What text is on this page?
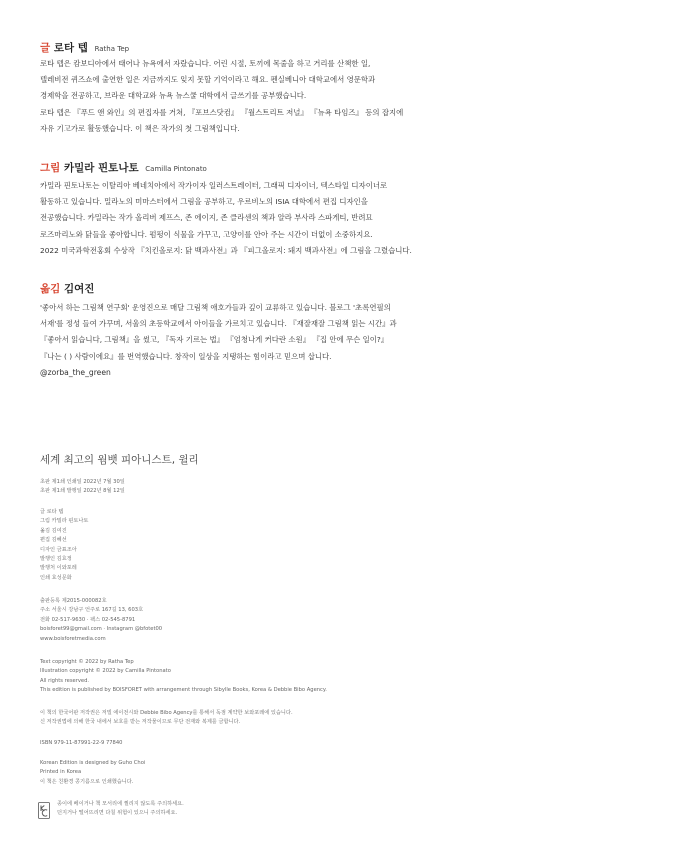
글 로타 텝 Ratha Tep
로타 텝은 캄보디아에서 태어나 뉴욕에서 자랐습니다. 어린 시절, 토끼에 목줄을 하고 거리를 산책한 일,
텔레비전 퀴즈쇼에 출연한 일은 지금까지도 잊지 못할 기억이라고 해요. 펜실베니아 대학교에서 영문학과
경제학을 전공하고, 브라운 대학교와 뉴욕 뉴스쿨 대학에서 글쓰기를 공부했습니다.
로타 텝은 『푸드 앤 와인』의 편집자를 거쳐, 『포브스닷컴』 『월스트리트 저널』 『뉴욕 타임즈』 등의 잡지에
자유 기고가로 활동했습니다. 이 책은 작가의 첫 그림책입니다.
그림 카밀라 핀토나토 Camilla Pintonato
카밀라 핀토나토는 이탈리아 베네치아에서 작가이자 일러스트레이터, 그래픽 디자이너, 텍스타일 디자이너로
활동하고 있습니다. 밀라노의 미마스터에서 그림을 공부하고, 우르비노의 ISIA 대학에서 편집 디자인을
전공했습니다. 카밀라는 작가 올리버 제프스, 존 에이지, 존 클라센의 책과 알라 부사라 스파게티, 반려묘
로즈마리노와 닭들을 좋아합니다. 펌펑이 식물을 가꾸고, 고양이를 안아 주는 시간이 더없이 소중하지요.
2022 미국과학전홍회 수상작 『치킨올로지: 닭 백과사전』과 『피그올로지: 돼지 백과사전』에 그림을 그렸습니다.
옮김 김여진
'좋아서 하는 그림책 연구회' 운영진으로 매달 그림책 애호가들과 깊이 교류하고 있습니다. 블로그 '초록연필의
서재'를 정성 들여 가꾸며, 서울의 초등학교에서 아이들을 가르치고 있습니다. 『재잘재잘 그림책 읽는 시간』과
『좋아서 읽습니다, 그림책』을 썼고, 『독자 기르는 법』 『엄청나게 커다란 소원』 『집 안에 무슨 일이?』
『나는 ( ) 사람이에요』를 번역했습니다. 창작이 일상을 지탱하는 힘이라고 믿으며 삽니다.
@zorba_the_green
세계 최고의 웜뱃 피아니스트, 윌리
초판 제1쇄 인쇄일 2022년 7월 30일
초판 제1쇄 발행일 2022년 8월 12일
글 로타 텝
그림 카밀라 핀토나토
옮김 김여진
편집 김혜선
디자인 금표조아
발행인 김효정
발행처 이와포레
인쇄 효성문화
출판등록 제2015-000082호
주소 서울시 강남구 언주로 167길 13, 603호
전화 02-517-9630 · 팩스 02-545-8791
boisforet99@gmail.com · Instagram @bfotet00
www.boisforetmedia.com
Text copyright © 2022 by Ratha Tep
Illustration copyright © 2022 by Camilla Pintonato
All rights reserved.
This edition is published by BOISFORET with arrangement through Sibylle Books, Korea & Debbie Bibo Agency.
이 책의 한국어판 저작권은 저빌 에이전시와 Debbie Bibo Agency를 통해서 독점 계약한 보와포레에 있습니다.
신 저작권법에 의해 한국 내에서 보호를 받는 저작물이므로 무단 전재와 복제를 금합니다.
ISBN 979-11-87991-22-9 77840
Korean Edition is designed by Guho Choi
Printed in Korea
이 책은 친환경 콩기름으로 인쇄했습니다.
종이에 베이거나 책 모서리에 찔리지 않도록 주의하세요.
던지거나 떨어뜨리면 다칠 위험이 있으니 주의하세요.
